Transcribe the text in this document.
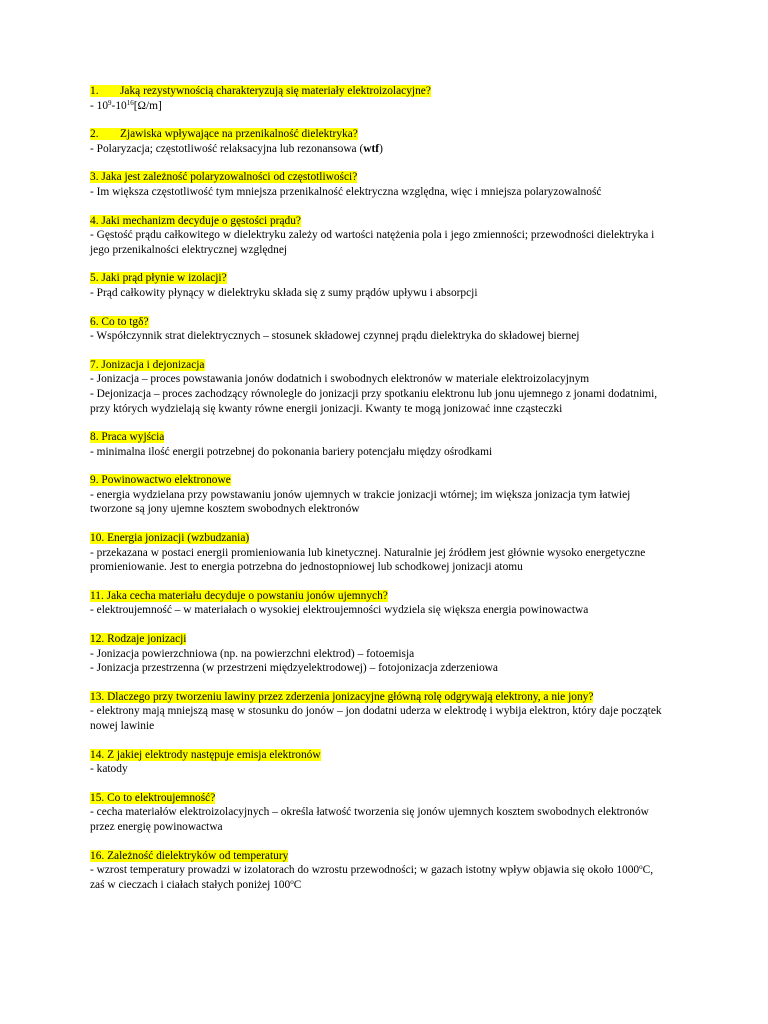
1. Jaką rezystywnością charakteryzują się materiały elektroizolacyjne?
- $10^9-10^{16}[\Omega/m]$
2. Zjawiska wpływające na przenikalność dielektryka?
- Polaryzacja; częstotliwość relaksacyjna lub rezonansowa (wtf)
3. Jaka jest zależność polaryzowalności od częstotliwości?
- Im większa częstotliwość tym mniejsza przenikalność elektryczna względna, więc i mniejsza polaryzowalność
4. Jaki mechanizm decyduje o gęstości prądu?
- Gęstość prądu całkowitego w dielektryku zależy od wartości natężenia pola i jego zmienności; przewodności dielektryka i
jego przenikalności elektrycznej względnej
5. Jaki prąd płynie w izolacji?
- Prąd całkowity płynący w dielektryku składa się z sumy prądów upływu i absorpcji
6. Co to tgδ?
- Współczynnik strat dielektrycznych – stosunek składowej czynnej prądu dielektryka do składowej biernej
7. Jonizacja i dejonizacja
- Jonizacja – proces powstawania jonów dodatnich i swobodnych elektronów w materiale elektroizolacyjnym
- Dejonizacja – proces zachodzący równolegle do jonizacji przy spotkaniu elektronu lub jonu ujemnego z jonami dodatnimi,
przy których wydzielają się kwanty równe energii jonizacji. Kwanty te mogą jonizować inne cząsteczki
8. Praca wyjścia
- minimalna ilość energii potrzebnej do pokonania bariery potencjału między ośrodkami
9. Powinowactwo elektronowe
- energia wydzielana przy powstawaniu jonów ujemnych w trakcie jonizacji wtórnej; im większa jonizacja tym łatwiej
tworzone są jony ujemne kosztem swobodnych elektronów
10. Energia jonizacji (wzbudzania)
- przekazana w postaci energii promieniowania lub kinetycznej. Naturalnie jej źródłem jest głównie wysoko energetyczne
promieniowanie. Jest to energia potrzebna do jednostopniowej lub schodkowej jonizacji atomu
11. Jaka cecha materiału decyduje o powstaniu jonów ujemnych?
- elektroujemność – w materiałach o wysokiej elektroujemności wydziela się większa energia powinowactwa
12. Rodzaje jonizacji
- Jonizacja powierzchniowa (np. na powierzchni elektrod) – fotoemisja
- Jonizacja przestrzenna (w przestrzeni międzyelektrodowej) – fotojonizacja zderzeniowa
13. Dlaczego przy tworzeniu lawiny przez zderzenia jonizacyjne główną rolę odgrywają elektrony, a nie jony?
- elektrony mają mniejszą masę w stosunku do jonów – jon dodatni uderza w elektrodę i wybija elektron, który daje początek
nowej lawinie
14. Z jakiej elektrody następuje emisja elektronów
- katody
15. Co to elektroujemność?
- cecha materiałów elektroizolacyjnych – określa łatwość tworzenia się jonów ujemnych kosztem swobodnych elektronów
przez energię powinowactwa
16. Zależność dielektryków od temperatury
- wzrost temperatury prowadzi w izolatorach do wzrostu przewodności; w gazach istotny wpływ objawia się około 1000$^o$C,
zaś w cieczach i ciałach stałych poniżej 100$^o$C
